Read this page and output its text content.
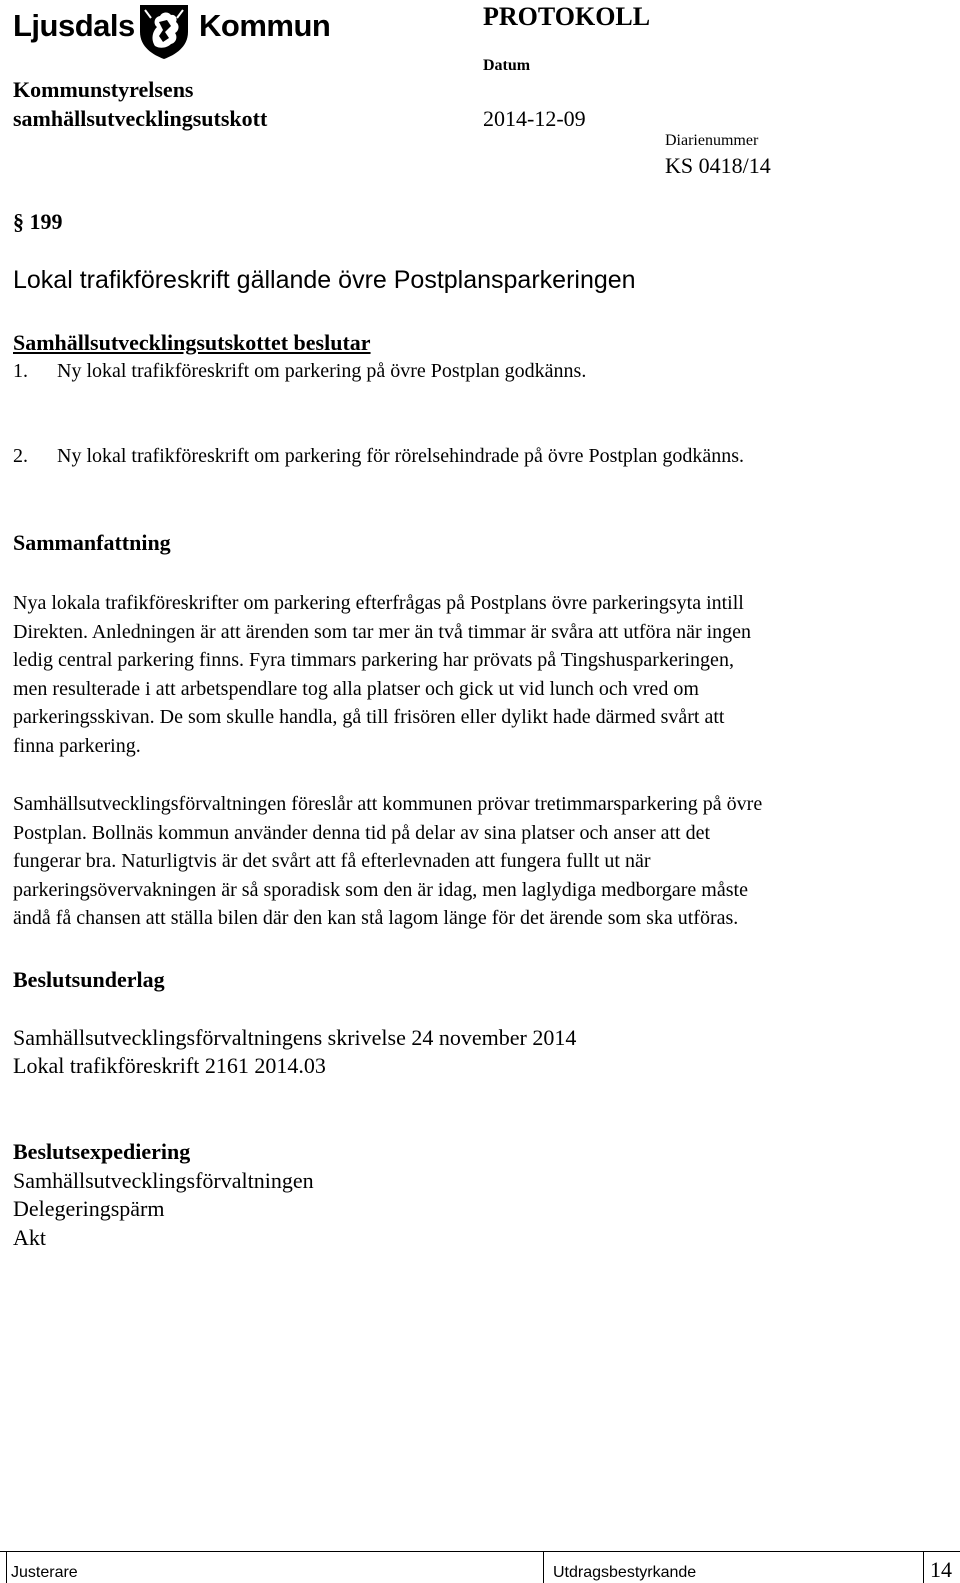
Ljusdals Kommun	PROTOKOLL
Kommunstyrelsens
samhällsutvecklingsutskott
Datum
2014-12-09
Diarienummer
KS 0418/14
§ 199
Lokal trafikföreskrift gällande övre Postplansparkeringen
Samhällsutvecklingsutskottet beslutar
1. Ny lokal trafikföreskrift om parkering på övre Postplan godkänns.
2. Ny lokal trafikföreskrift om parkering för rörelsehindrade på övre Postplan godkänns.
Sammanfattning
Nya lokala trafikföreskrifter om parkering efterfrågas på Postplans övre parkeringsyta intill
Direkten. Anledningen är att ärenden som tar mer än två timmar är svåra att utföra när ingen
ledig central parkering finns. Fyra timmars parkering har prövats på Tingshusparkeringen,
men resulterade i att arbetspendlare tog alla platser och gick ut vid lunch och vred om
parkeringsskivan. De som skulle handla, gå till frisören eller dylikt hade därmed svårt att
finna parkering.
Samhällsutvecklingsförvaltningen föreslår att kommunen prövar tretimmarsparkering på övre
Postplan. Bollnäs kommun använder denna tid på delar av sina platser och anser att det
fungerar bra. Naturligtvis är det svårt att få efterlevnaden att fungera fullt ut när
parkeringsövervakningen är så sporadisk som den är idag, men laglydiga medborgare måste
ändå få chansen att ställa bilen där den kan stå lagom länge för det ärende som ska utföras.
Beslutsunderlag
Samhällsutvecklingsförvaltningens skrivelse 24 november 2014
Lokal trafikföreskrift 2161 2014.03
Beslutsexpediering
Samhällsutvecklingsförvaltningen
Delegeringspärm
Akt
Justerare	Utdragsbestyrkande	14
